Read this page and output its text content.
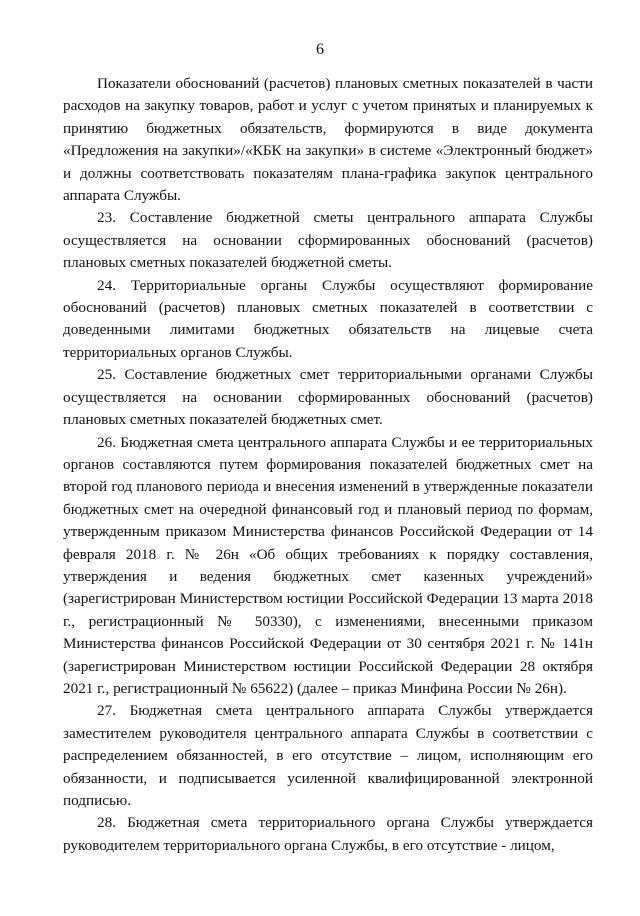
6

Показатели обоснований (расчетов) плановых сметных показателей в части расходов на закупку товаров, работ и услуг с учетом принятых и планируемых к принятию бюджетных обязательств, формируются в виде документа «Предложения на закупки»/«КБК на закупки» в системе «Электронный бюджет» и должны соответствовать показателям плана-графика закупок центрального аппарата Службы.

23. Составление бюджетной сметы центрального аппарата Службы осуществляется на основании сформированных обоснований (расчетов) плановых сметных показателей бюджетной сметы.

24. Территориальные органы Службы осуществляют формирование обоснований (расчетов) плановых сметных показателей в соответствии с доведенными лимитами бюджетных обязательств на лицевые счета территориальных органов Службы.

25. Составление бюджетных смет территориальными органами Службы осуществляется на основании сформированных обоснований (расчетов) плановых сметных показателей бюджетных смет.

26. Бюджетная смета центрального аппарата Службы и ее территориальных органов составляются путем формирования показателей бюджетных смет на второй год планового периода и внесения изменений в утвержденные показатели бюджетных смет на очередной финансовый год и плановый период по формам, утвержденным приказом Министерства финансов Российской Федерации от 14 февраля 2018 г. № 26н «Об общих требованиях к порядку составления, утверждения и ведения бюджетных смет казенных учреждений» (зарегистрирован Министерством юстиции Российской Федерации 13 марта 2018 г., регистрационный № 50330), с изменениями, внесенными приказом Министерства финансов Российской Федерации от 30 сентября 2021 г. № 141н (зарегистрирован Министерством юстиции Российской Федерации 28 октября 2021 г., регистрационный № 65622) (далее – приказ Минфина России № 26н).

27. Бюджетная смета центрального аппарата Службы утверждается заместителем руководителя центрального аппарата Службы в соответствии с распределением обязанностей, в его отсутствие – лицом, исполняющим его обязанности, и подписывается усиленной квалифицированной электронной подписью.

28. Бюджетная смета территориального органа Службы утверждается руководителем территориального органа Службы, в его отсутствие - лицом,
